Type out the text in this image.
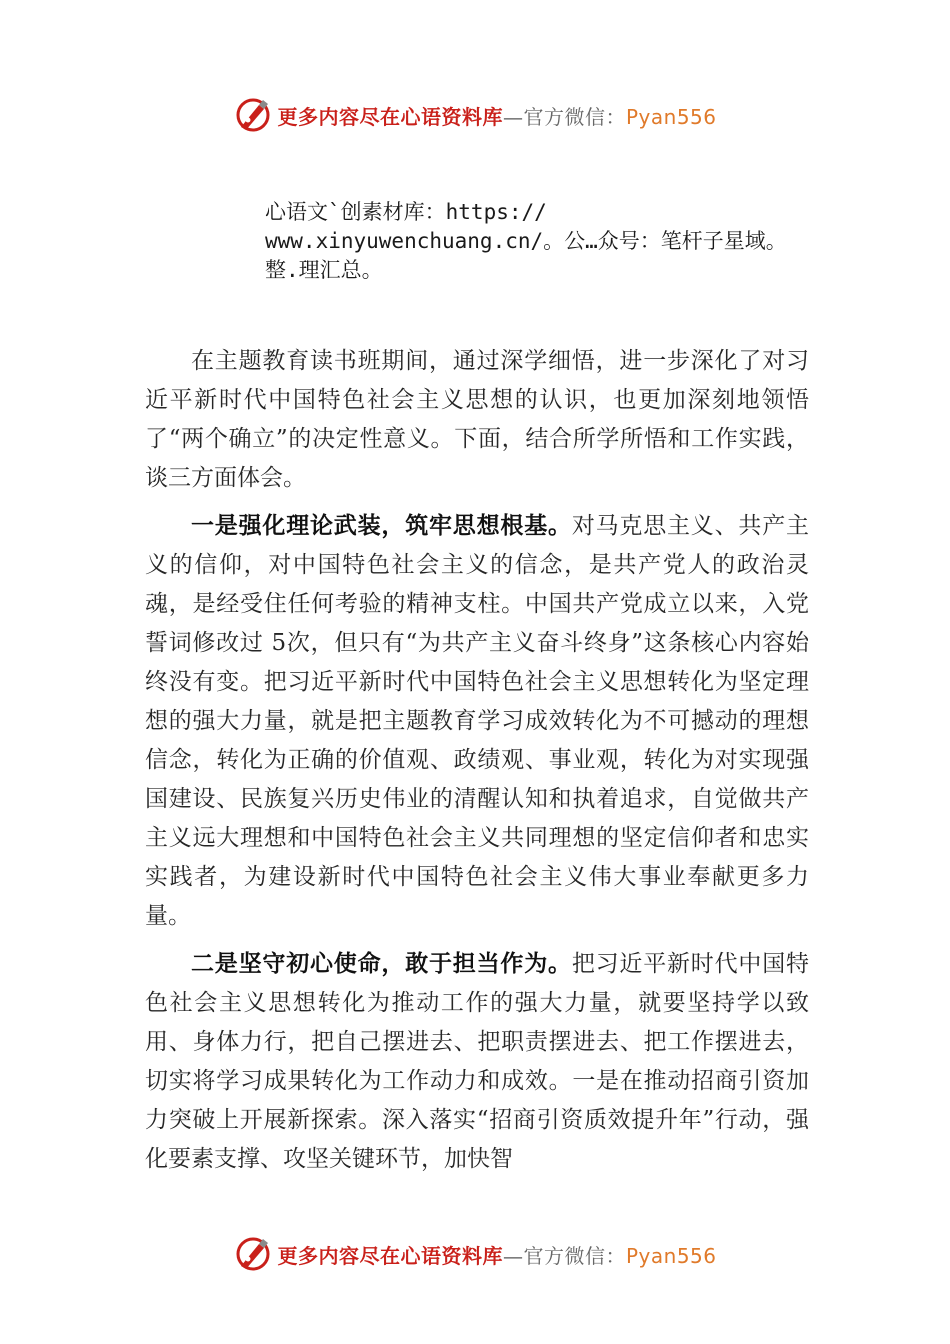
更多内容尽在心语资料库—官方微信：Pyan556
心语文`创素材库：https://
www.xinyuwenchuang.cn/。公…众号：笔杆子星域。
整.理汇总。

在主题教育读书班期间，通过深学细悟，进一步深化了对习近平新时代中国特色社会主义思想的认识，也更加深刻地领悟了“两个确立”的决定性意义。下面，结合所学所悟和工作实践，谈三方面体会。

一是强化理论武装，筑牢思想根基。对马克思主义、共产主义的信仰，对中国特色社会主义的信念，是共产党人的政治灵魂，是经受住任何考验的精神支柱。中国共产党成立以来，入党誓词修改过 5次，但只有“为共产主义奋斗终身”这条核心内容始终没有变。把习近平新时代中国特色社会主义思想转化为坚定理想的强大力量，就是把主题教育学习成效转化为不可撼动的理想信念，转化为正确的价值观、政绩观、事业观，转化为对实现强国建设、民族复兴历史伟业的清醒认知和执着追求，自觉做共产主义远大理想和中国特色社会主义共同理想的坚定信仰者和忠实实践者，为建设新时代中国特色社会主义伟大事业奉献更多力量。

二是坚守初心使命，敢于担当作为。把习近平新时代中国特色社会主义思想转化为推动工作的强大力量，就要坚持学以致用、身体力行，把自己摆进去、把职责摆进去、把工作摆进去，切实将学习成果转化为工作动力和成效。一是在推动招商引资加力突破上开展新探索。深入落实“招商引资质效提升年”行动，强化要素支撑、攻坚关键环节，加快智

更多内容尽在心语资料库—官方微信：Pyan556
